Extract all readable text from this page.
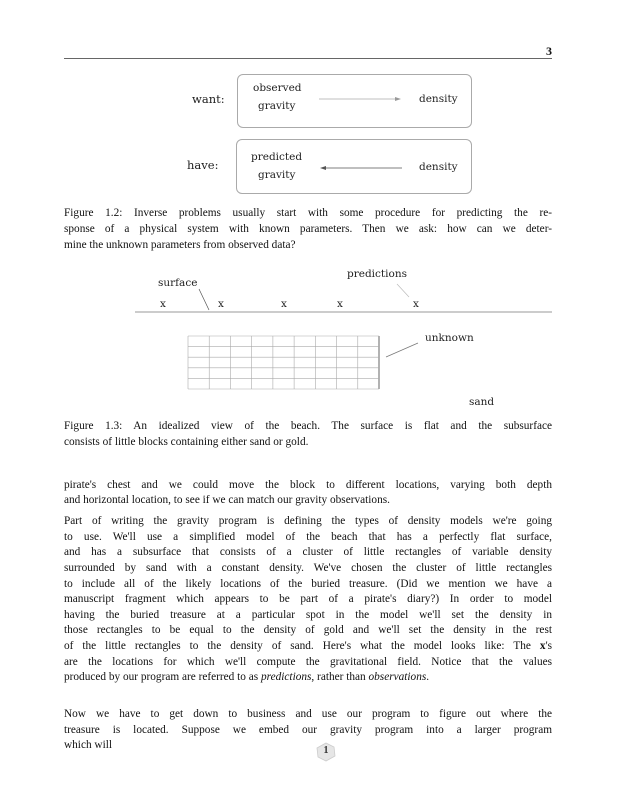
3
want:
observed
gravity
density
have:
predicted
gravity
density
Figure 1.2: Inverse problems usually start with some procedure for predicting the re-
sponse of a physical system with known parameters. Then we ask: how can we deter-
mine the unknown parameters from observed data?
surface
predictions
x	x	x	x	x
unknown
sand
Figure 1.3: An idealized view of the beach. The surface is flat and the subsurface
consists of little blocks containing either sand or gold.
pirate's chest and we could move the block to different locations, varying both depth
and horizontal location, to see if we can match our gravity observations.
Part of writing the gravity program is defining the types of density models we're going
to use. We'll use a simplified model of the beach that has a perfectly flat surface,
and has a subsurface that consists of a cluster of little rectangles of variable density
surrounded by sand with a constant density. We've chosen the cluster of little rectangles
to include all of the likely locations of the buried treasure. (Did we mention we have a
manuscript fragment which appears to be part of a pirate's diary?) In order to model
having the buried treasure at a particular spot in the model we'll set the density in
those rectangles to be equal to the density of gold and we'll set the density in the rest
of the little rectangles to the density of sand. Here's what the model looks like: The x's
are the locations for which we'll compute the gravitational field. Notice that the values
produced by our program are referred to as predictions, rather than observations.
Now we have to get down to business and use our program to figure out where the
treasure is located. Suppose we embed our gravity program into a larger program
which will	1
